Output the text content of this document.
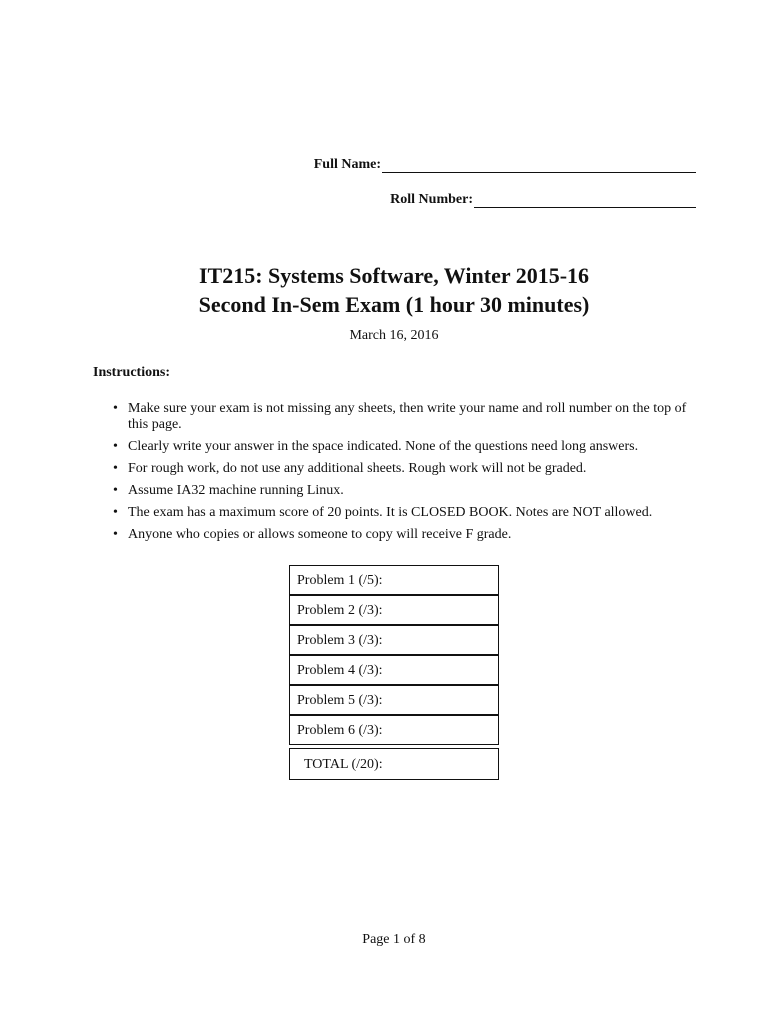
Full Name:
Roll Number:
IT215: Systems Software, Winter 2015-16
Second In-Sem Exam (1 hour 30 minutes)
March 16, 2016
Instructions:
• Make sure your exam is not missing any sheets, then write your name and roll number on the top of this page.
• Clearly write your answer in the space indicated. None of the questions need long answers.
• For rough work, do not use any additional sheets. Rough work will not be graded.
• Assume IA32 machine running Linux.
• The exam has a maximum score of 20 points. It is CLOSED BOOK. Notes are NOT allowed.
• Anyone who copies or allows someone to copy will receive F grade.
Problem 1 (/5):
Problem 2 (/3):
Problem 3 (/3):
Problem 4 (/3):
Problem 5 (/3):
Problem 6 (/3):
TOTAL (/20):
Page 1 of 8
